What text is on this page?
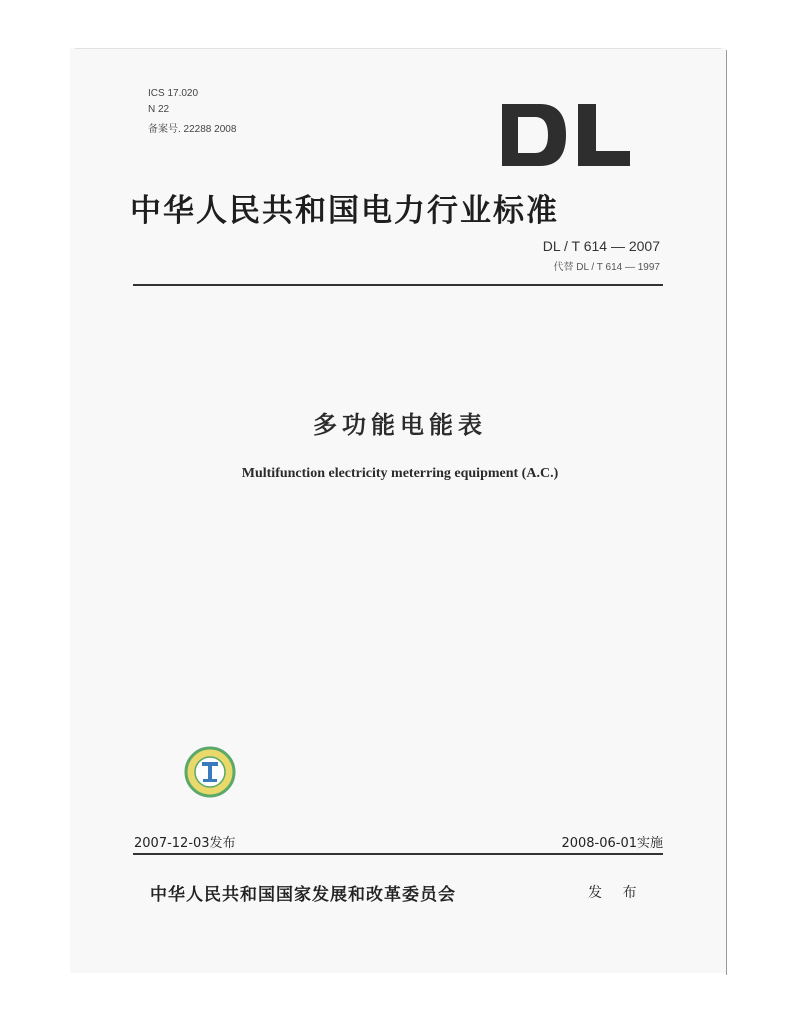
ICS 17.020
N 22
备案号. 22288 2008
中华人民共和国电力行业标准
DL / T 614 — 2007
代替 DL / T 614 — 1997
多功能电能表
Multifunction electricity meterring equipment (A.C.)
2007-12-03发布	2008-06-01实施
中华人民共和国国家发展和改革委员会	发 布
